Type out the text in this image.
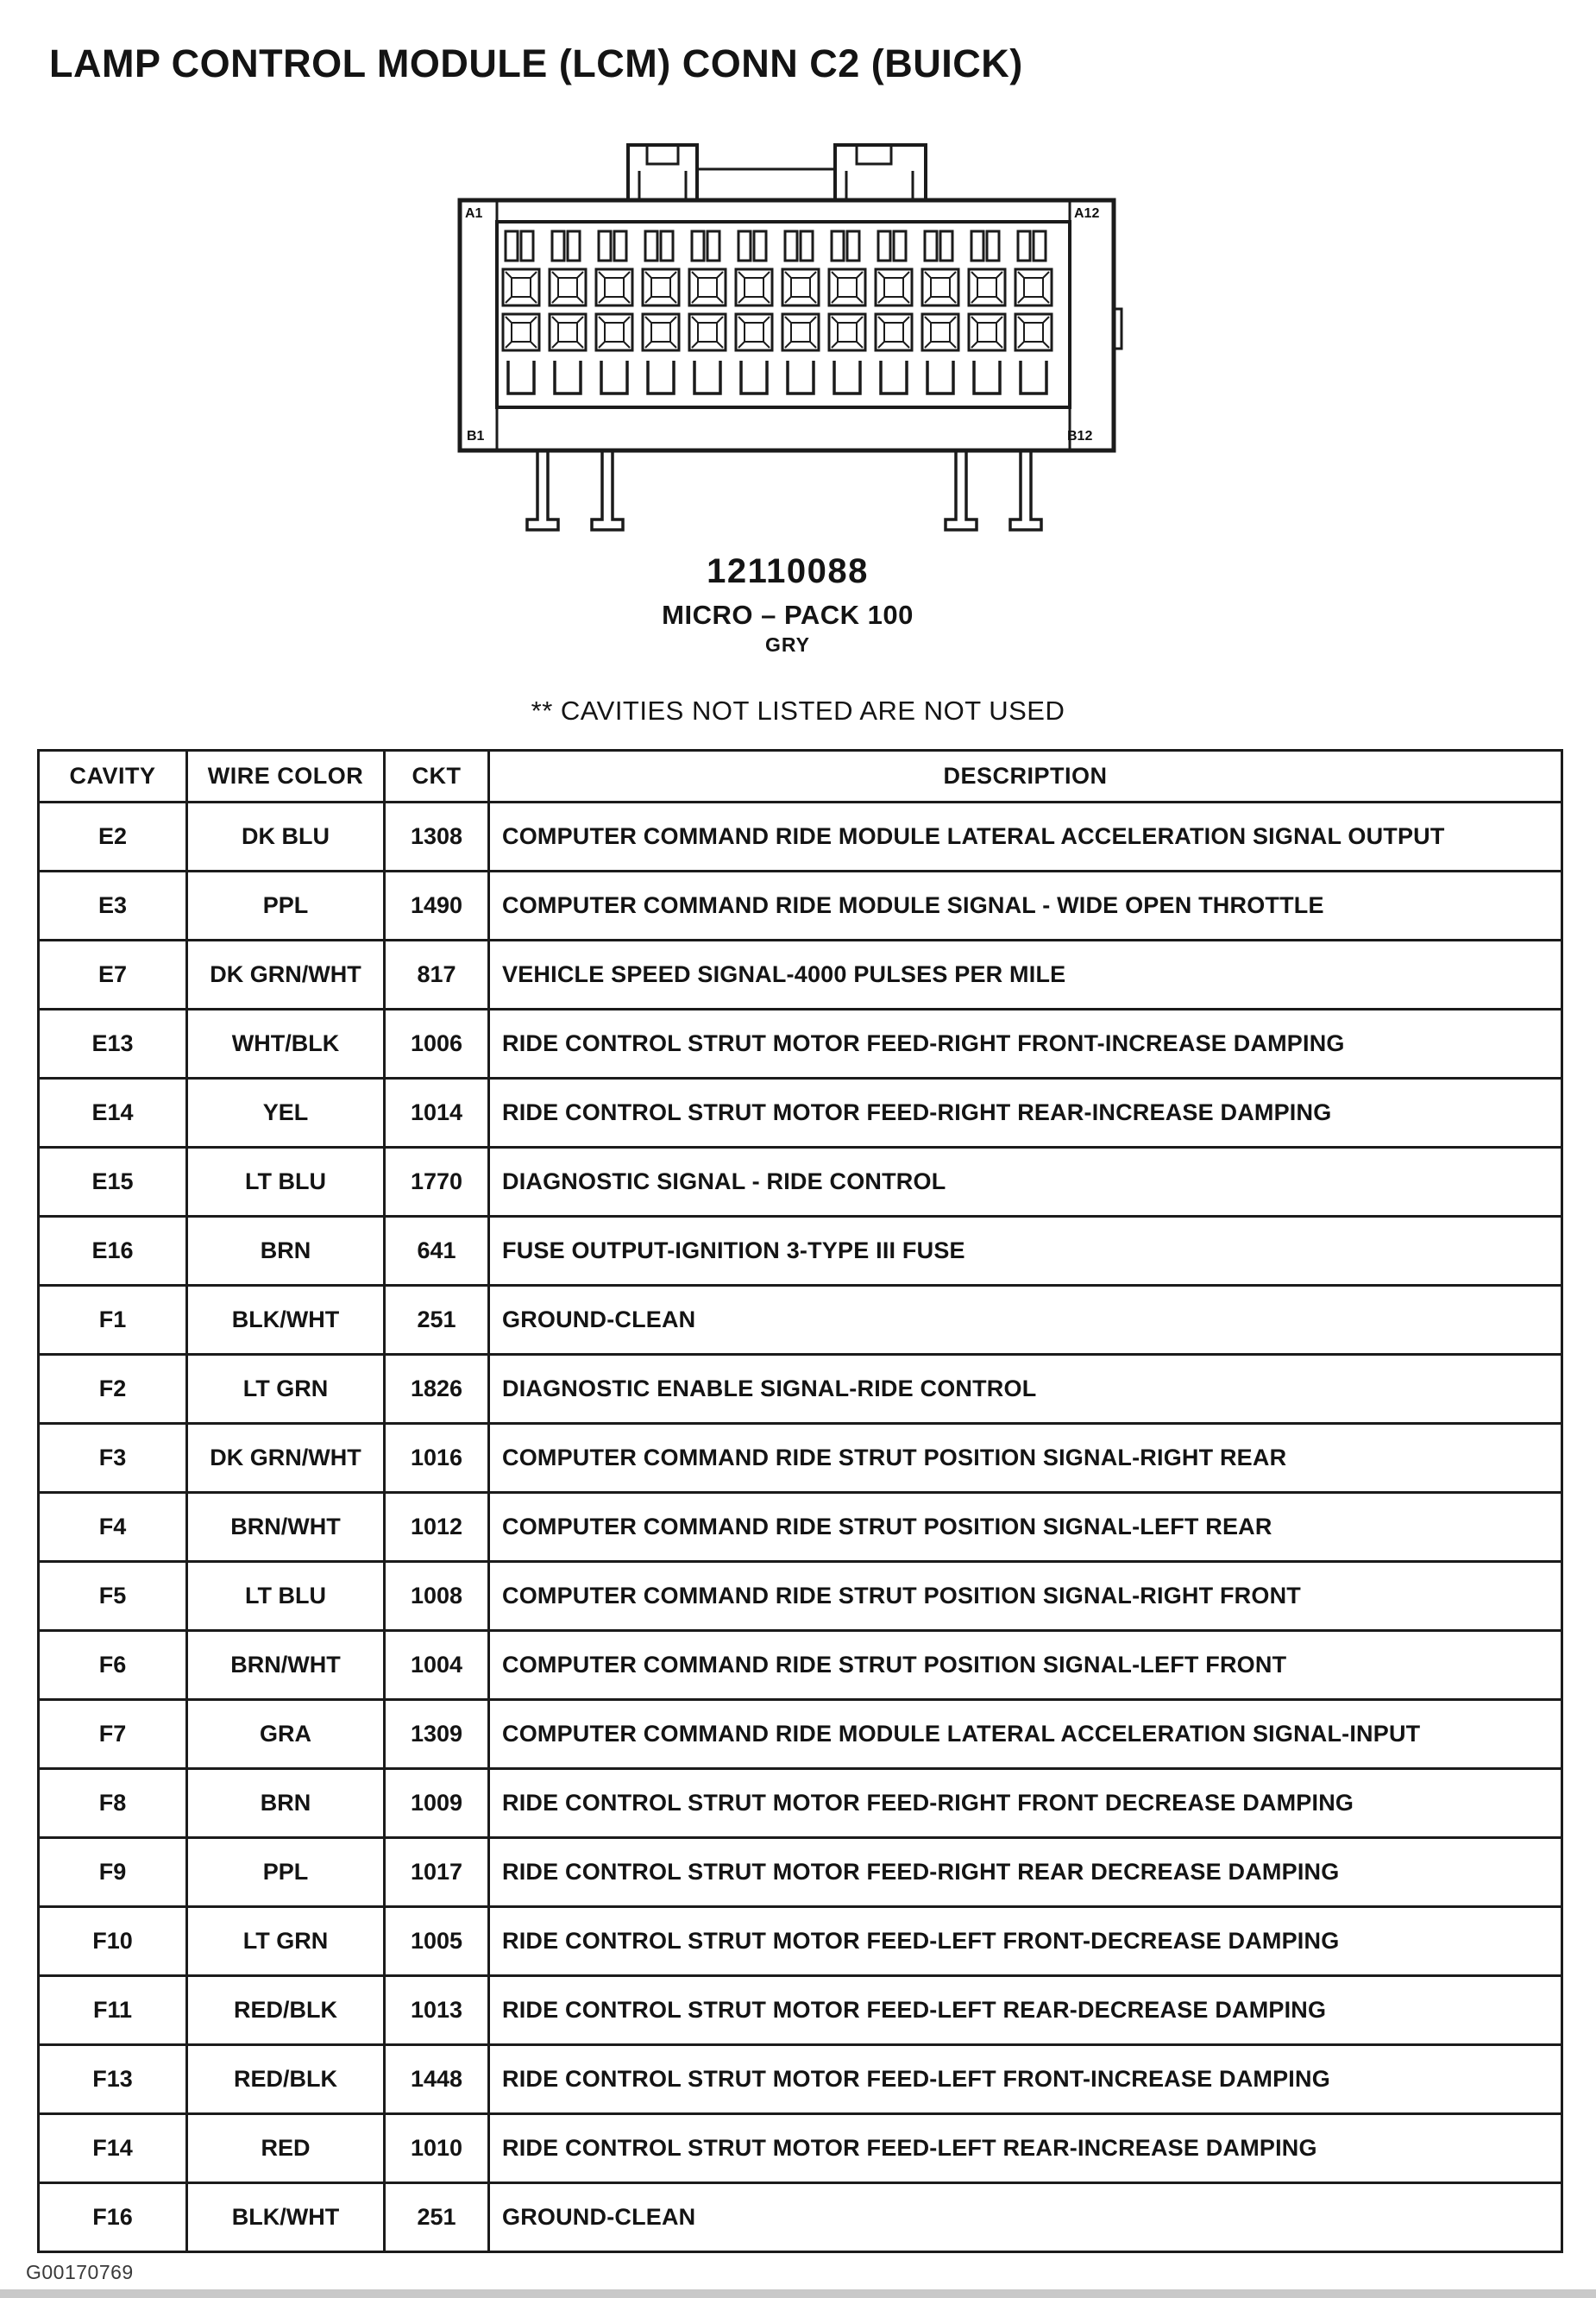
LAMP CONTROL MODULE (LCM) CONN C2 (BUICK)
A1	A12
B1	B12
12110088
MICRO – PACK 100
GRY
** CAVITIES NOT LISTED ARE NOT USED
CAVITY	WIRE COLOR	CKT	DESCRIPTION
E2	DK BLU	1308	COMPUTER COMMAND RIDE MODULE LATERAL ACCELERATION SIGNAL OUTPUT
E3	PPL	1490	COMPUTER COMMAND RIDE MODULE SIGNAL - WIDE OPEN THROTTLE
E7	DK GRN/WHT	817	VEHICLE SPEED SIGNAL-4000 PULSES PER MILE
E13	WHT/BLK	1006	RIDE CONTROL STRUT MOTOR FEED-RIGHT FRONT-INCREASE DAMPING
E14	YEL	1014	RIDE CONTROL STRUT MOTOR FEED-RIGHT REAR-INCREASE DAMPING
E15	LT BLU	1770	DIAGNOSTIC SIGNAL - RIDE CONTROL
E16	BRN	641	FUSE OUTPUT-IGNITION 3-TYPE III FUSE
F1	BLK/WHT	251	GROUND-CLEAN
F2	LT GRN	1826	DIAGNOSTIC ENABLE SIGNAL-RIDE CONTROL
F3	DK GRN/WHT	1016	COMPUTER COMMAND RIDE STRUT POSITION SIGNAL-RIGHT REAR
F4	BRN/WHT	1012	COMPUTER COMMAND RIDE STRUT POSITION SIGNAL-LEFT REAR
F5	LT BLU	1008	COMPUTER COMMAND RIDE STRUT POSITION SIGNAL-RIGHT FRONT
F6	BRN/WHT	1004	COMPUTER COMMAND RIDE STRUT POSITION SIGNAL-LEFT FRONT
F7	GRA	1309	COMPUTER COMMAND RIDE MODULE LATERAL ACCELERATION SIGNAL-INPUT
F8	BRN	1009	RIDE CONTROL STRUT MOTOR FEED-RIGHT FRONT DECREASE DAMPING
F9	PPL	1017	RIDE CONTROL STRUT MOTOR FEED-RIGHT REAR DECREASE DAMPING
F10	LT GRN	1005	RIDE CONTROL STRUT MOTOR FEED-LEFT FRONT-DECREASE DAMPING
F11	RED/BLK	1013	RIDE CONTROL STRUT MOTOR FEED-LEFT REAR-DECREASE DAMPING
F13	RED/BLK	1448	RIDE CONTROL STRUT MOTOR FEED-LEFT FRONT-INCREASE DAMPING
F14	RED	1010	RIDE CONTROL STRUT MOTOR FEED-LEFT REAR-INCREASE DAMPING
F16	BLK/WHT	251	GROUND-CLEAN
G00170769
